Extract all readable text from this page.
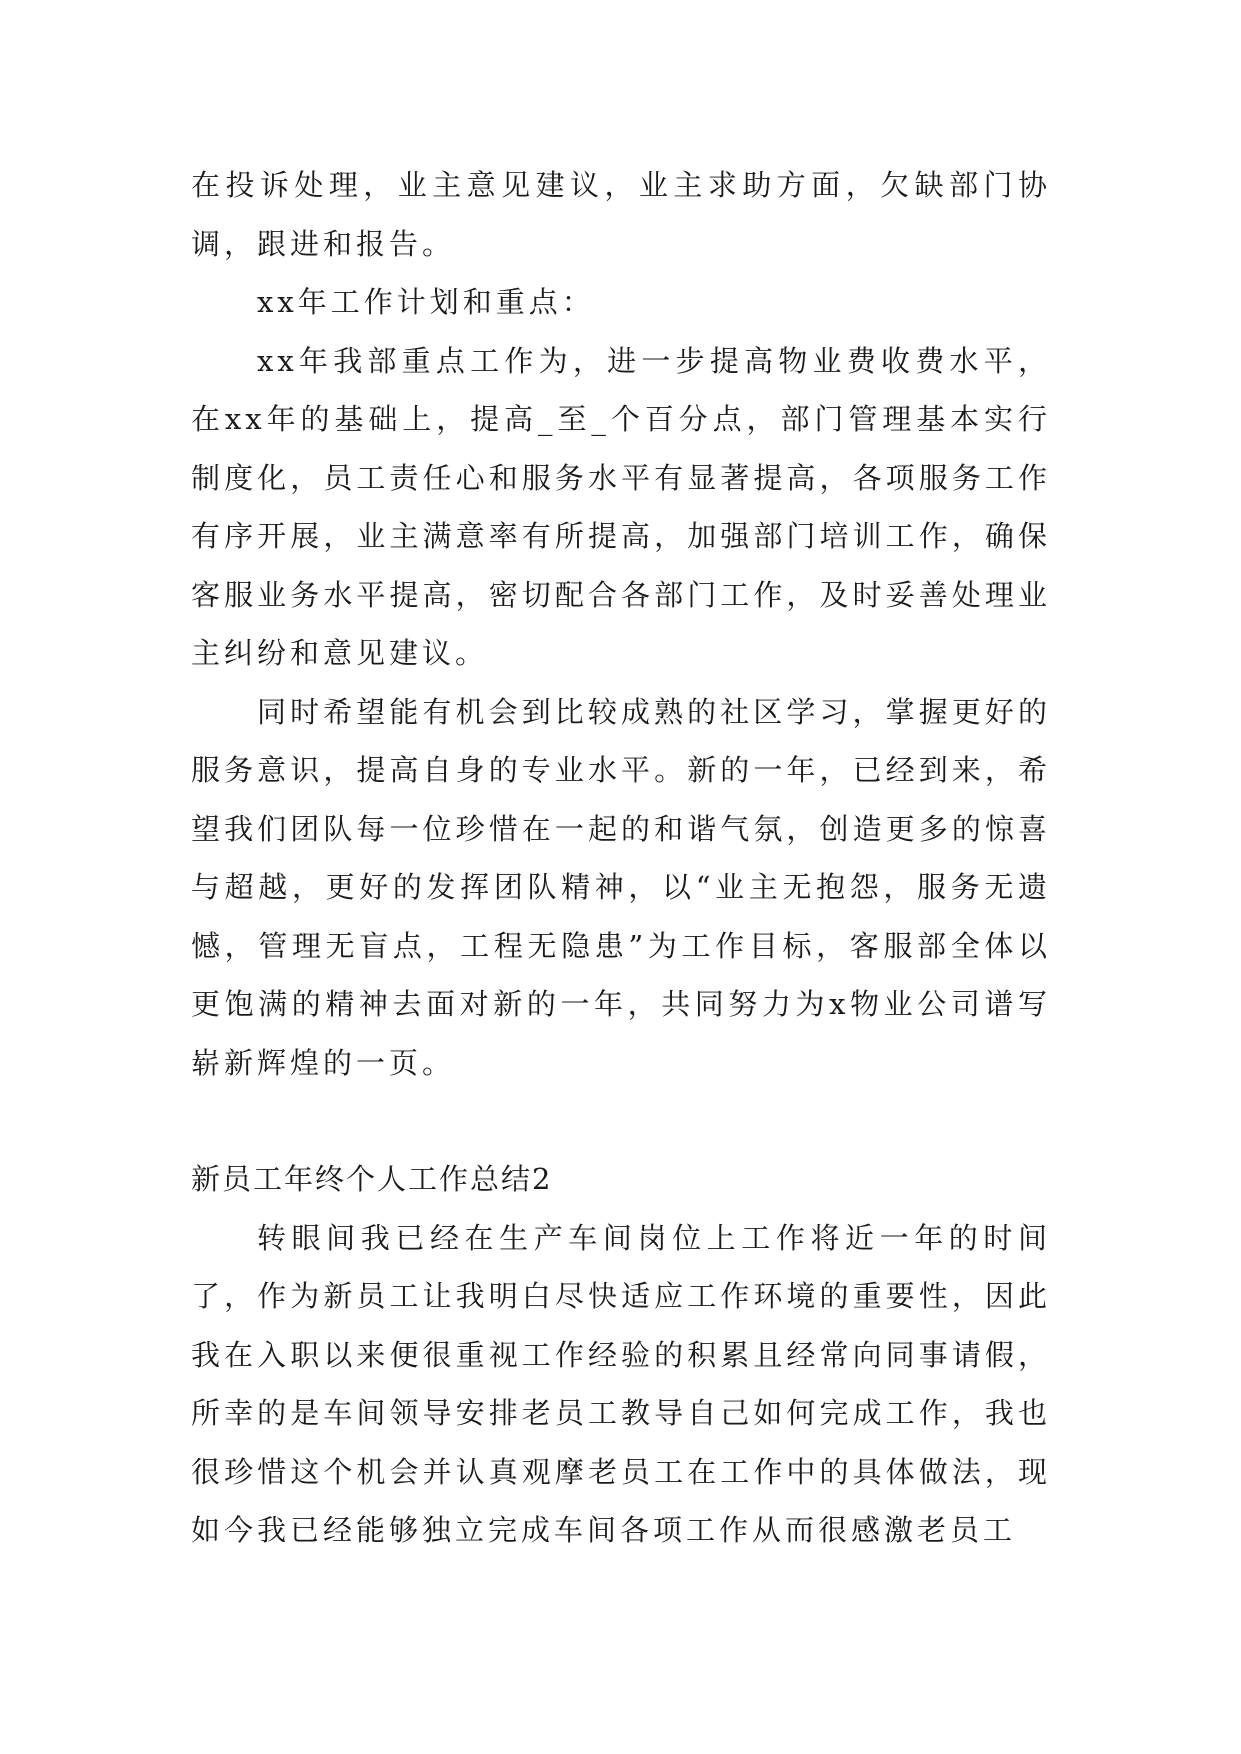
在投诉处理，业主意见建议，业主求助方面，欠缺部门协调，跟进和报告。

xx年工作计划和重点：

xx年我部重点工作为，进一步提高物业费收费水平，在xx年的基础上，提高_至_个百分点，部门管理基本实行制度化，员工责任心和服务水平有显著提高，各项服务工作有序开展，业主满意率有所提高，加强部门培训工作，确保客服业务水平提高，密切配合各部门工作，及时妥善处理业主纠纷和意见建议。

同时希望能有机会到比较成熟的社区学习，掌握更好的服务意识，提高自身的专业水平。新的一年，已经到来，希望我们团队每一位珍惜在一起的和谐气氛，创造更多的惊喜与超越，更好的发挥团队精神，以“业主无抱怨，服务无遗憾，管理无盲点，工程无隐患”为工作目标，客服部全体以更饱满的精神去面对新的一年，共同努力为x物业公司谱写崭新辉煌的一页。

新员工年终个人工作总结2

转眼间我已经在生产车间岗位上工作将近一年的时间了，作为新员工让我明白尽快适应工作环境的重要性，因此我在入职以来便很重视工作经验的积累且经常向同事请假，所幸的是车间领导安排老员工教导自己如何完成工作，我也很珍惜这个机会并认真观摩老员工在工作中的具体做法，现如今我已经能够独立完成车间各项工作从而很感激老员工
